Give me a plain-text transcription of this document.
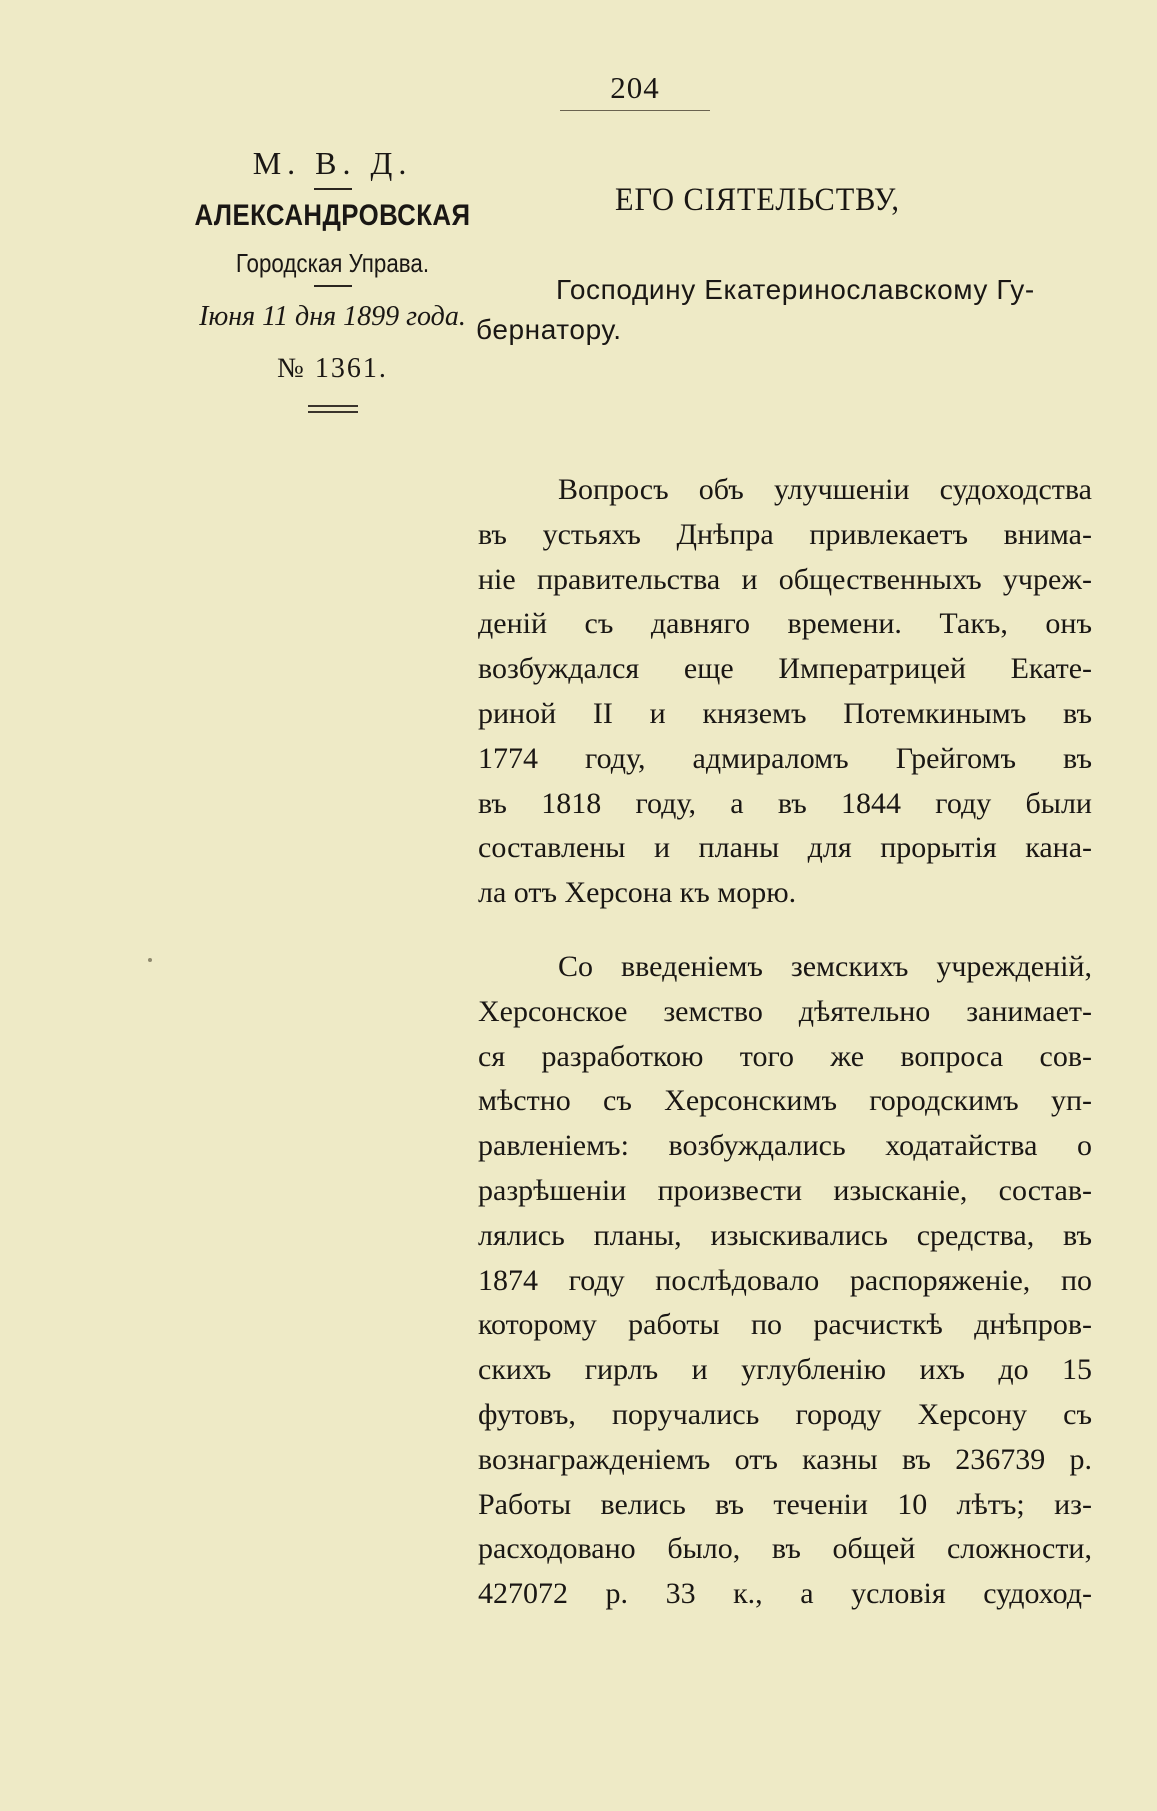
204
М. В. Д.
АЛЕКСАНДРОВСКАЯ
Городская Управа.
Іюня 11 дня 1899 года.
№ 1361.
ЕГО СІЯТЕЛЬСТВУ,
Господину Екатеринославскому Гу-
бернатору.
Вопросъ объ улучшеніи судоходства
въ устьяхъ Днѣпра привлекаетъ внима-
ніе правительства и общественныхъ учреж-
деній съ давняго времени. Такъ, онъ
возбуждался еще Императрицей Екате-
риной II и княземъ Потемкинымъ въ
1774 году, адмираломъ Грейгомъ въ
въ 1818 году, а въ 1844 году были
составлены и планы для прорытія кана-
ла отъ Херсона къ морю.
Со введеніемъ земскихъ учрежденій,
Херсонское земство дѣятельно занимает-
ся разработкою того же вопроса сов-
мѣстно съ Херсонскимъ городскимъ уп-
равленіемъ: возбуждались ходатайства о
разрѣшеніи произвести изысканіе, состав-
лялись планы, изыскивались средства, въ
1874 году послѣдовало распоряженіе, по
которому работы по расчисткѣ днѣпров-
скихъ гирлъ и углубленію ихъ до 15
футовъ, поручались городу Херсону съ
вознагражденіемъ отъ казны въ 236739 р.
Работы велись въ теченіи 10 лѣтъ; из-
расходовано было, въ общей сложности,
427072 р. 33 к., а условія судоход-
